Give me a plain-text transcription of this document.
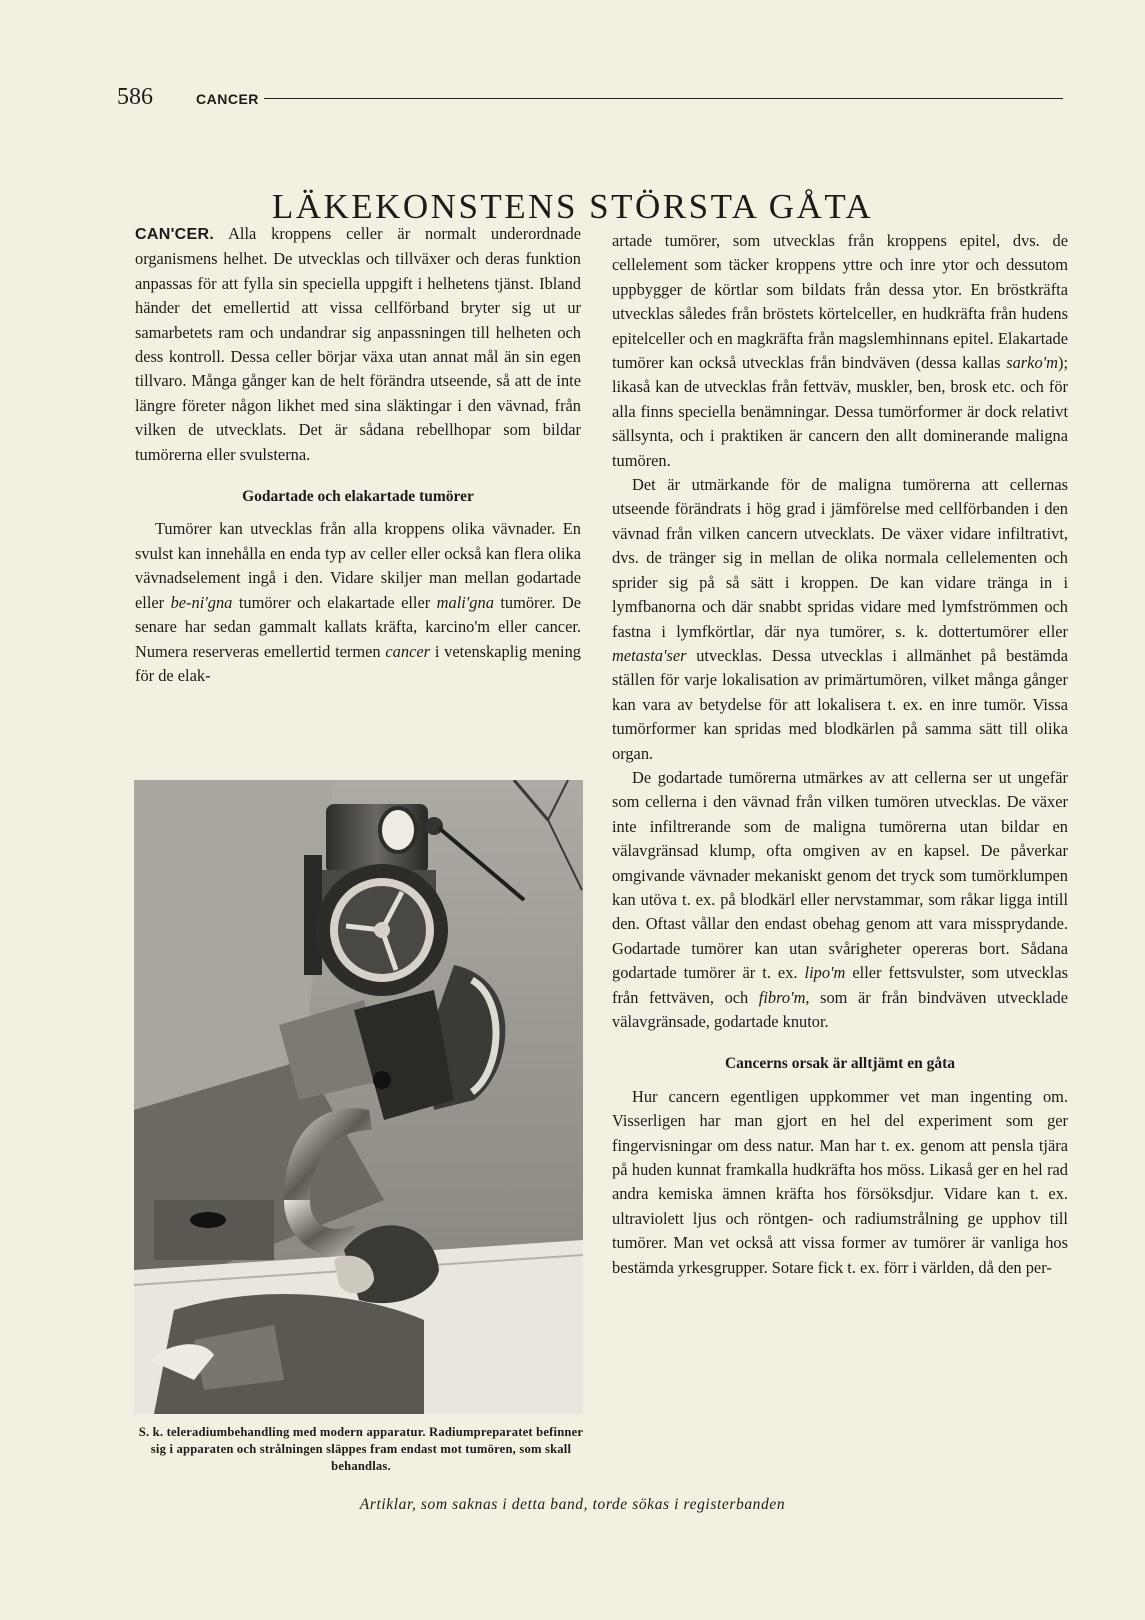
586	CANCER
LÄKEKONSTENS STÖRSTA GÅTA

CAN'CER. Alla kroppens celler är normalt underordnade organismens helhet. De utvecklas och tillväxer och deras funktion anpassas för att fylla sin speciella uppgift i helhetens tjänst. Ibland händer det emellertid att vissa cellförband bryter sig ut ur samarbetets ram och undandrar sig anpassningen till helheten och dess kontroll. Dessa celler börjar växa utan annat mål än sin egen tillvaro. Många gånger kan de helt förändra utseende, så att de inte längre företer någon likhet med sina släktingar i den vävnad, från vilken de utvecklats. Det är sådana rebellhopar som bildar tumörerna eller svulsterna.

Godartade och elakartade tumörer

Tumörer kan utvecklas från alla kroppens olika vävnader. En svulst kan innehålla en enda typ av celler eller också kan flera olika vävnadselement ingå i den. Vidare skiljer man mellan godartade eller be-ni'gna tumörer och elakartade eller mali'gna tumörer. De senare har sedan gammalt kallats kräfta, karcino'm eller cancer. Numera reserveras emellertid termen cancer i vetenskaplig mening för de elak-

S. k. teleradiumbehandling med modern apparatur. Radiumpreparatet befinner sig i apparaten och strålningen släppes fram endast mot tumören, som skall behandlas.

artade tumörer, som utvecklas från kroppens epitel, dvs. de cellelement som täcker kroppens yttre och inre ytor och dessutom uppbygger de körtlar som bildats från dessa ytor. En bröstkräfta utvecklas således från bröstets körtelceller, en hudkräfta från hudens epitelceller och en magkräfta från magslemhinnans epitel. Elakartade tumörer kan också utvecklas från bindväven (dessa kallas sarko'm); likaså kan de utvecklas från fettväv, muskler, ben, brosk etc. och för alla finns speciella benämningar. Dessa tumörformer är dock relativt sällsynta, och i praktiken är cancern den allt dominerande maligna tumören.

Det är utmärkande för de maligna tumörerna att cellernas utseende förändrats i hög grad i jämförelse med cellförbanden i den vävnad från vilken cancern utvecklats. De växer vidare infiltrativt, dvs. de tränger sig in mellan de olika normala cellelementen och sprider sig på så sätt i kroppen. De kan vidare tränga in i lymfbanorna och där snabbt spridas vidare med lymfströmmen och fastna i lymfkörtlar, där nya tumörer, s. k. dottertumörer eller metasta'ser utvecklas. Dessa utvecklas i allmänhet på bestämda ställen för varje lokalisation av primärtumören, vilket många gånger kan vara av betydelse för att lokalisera t. ex. en inre tumör. Vissa tumörformer kan spridas med blodkärlen på samma sätt till olika organ.

De godartade tumörerna utmärkes av att cellerna ser ut ungefär som cellerna i den vävnad från vilken tumören utvecklas. De växer inte infiltrerande som de maligna tumörerna utan bildar en välavgränsad klump, ofta omgiven av en kapsel. De påverkar omgivande vävnader mekaniskt genom det tryck som tumörklumpen kan utöva t. ex. på blodkärl eller nervstammar, som råkar ligga intill den. Oftast vållar den endast obehag genom att vara missprydande. Godartade tumörer kan utan svårigheter opereras bort. Sådana godartade tumörer är t. ex. lipo'm eller fettsvulster, som utvecklas från fettväven, och fibro'm, som är från bindväven utvecklade välavgränsade, godartade knutor.

Cancerns orsak är alltjämt en gåta

Hur cancern egentligen uppkommer vet man ingenting om. Visserligen har man gjort en hel del experiment som ger fingervisningar om dess natur. Man har t. ex. genom att pensla tjära på huden kunnat framkalla hudkräfta hos möss. Likaså ger en hel rad andra kemiska ämnen kräfta hos försöksdjur. Vidare kan t. ex. ultraviolett ljus och röntgen- och radiumstrålning ge upphov till tumörer. Man vet också att vissa former av tumörer är vanliga hos bestämda yrkesgrupper. Sotare fick t. ex. förr i världen, då den per-

Artiklar, som saknas i detta band, torde sökas i registerbanden
